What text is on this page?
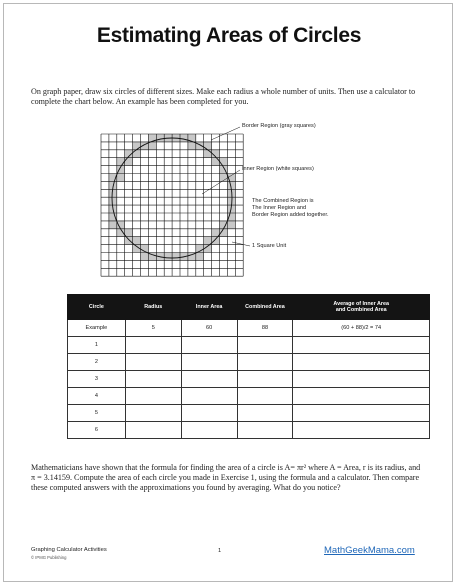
Estimating Areas of Circles
On graph paper, draw six circles of different sizes. Make each radius a whole number of units. Then use a calculator to complete the chart below. An example has been completed for you.
Border Region (gray squares)
Inner Region (white squares)
The Combined Region is
The Inner Region and
Border Region added together.
1 Square Unit
Circle	Radius	Inner Area	Combined Area	Average of Inner Area
and Combined Area

Example	5	60	88	(60 + 88)/2 = 74
1				
2				
3				
4				
5				
6				
Mathematicians have shown that the formula for finding the area of a circle is A= πr² where A = Area, r is its radius, and π = 3.14159. Compute the area of each circle you made in Exercise 1, using the formula and a calculator. Then compare these computed answers with the approximations you found by averaging. What do you notice?
Graphing Calculator Activities
© IPMG Publishing
1	MathGeekMama.com
